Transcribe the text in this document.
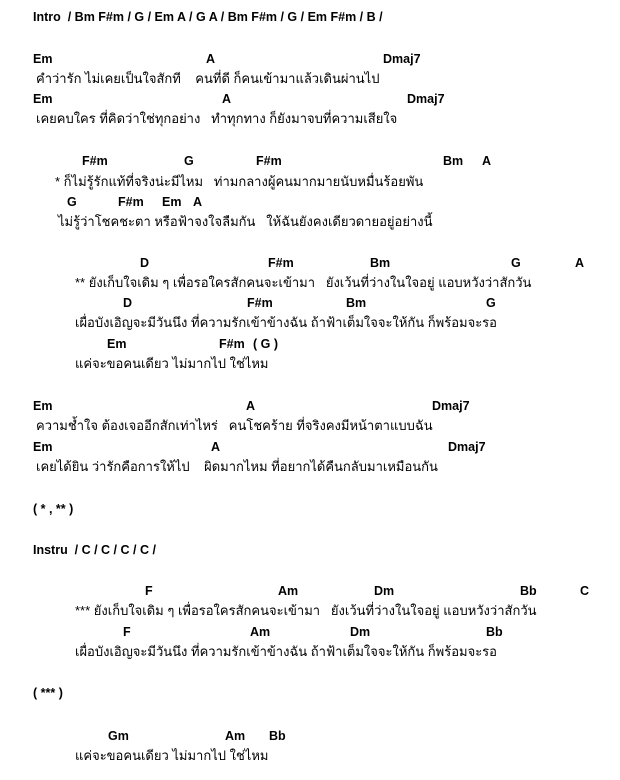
Intro  / Bm F#m / G / Em A / G A / Bm F#m / G / Em F#m / B /
Em	A	Dmaj7
คำว่ารัก ไม่เคยเป็นใจสักที    คนที่ดี ก็คนเข้ามาแล้วเดินผ่านไป
Em	A	Dmaj7
เคยคบใคร ที่คิดว่าใช่ทุกอย่าง   ทำทุกทาง ก็ยังมาจบที่ความเสียใจ
F#m	G	F#m	Bm A
* ก็ไม่รู้รักแท้ที่จริงน่ะมีไหม   ท่ามกลางผู้คนมากมายนับหมื่นร้อยพัน
G	F#m Em A
ไม่รู้ว่าโชคชะตา หรือฟ้าจงใจลืมกัน   ให้ฉันยังคงเดียวดายอยู่อย่างนี้
D	F#m	Bm	G	A
** ยังเก็บใจเดิม ๆ เพื่อรอใครสักคนจะเข้ามา   ยังเว้นที่ว่างในใจอยู่ แอบหวังว่าสักวัน
D	F#m	Bm	G
เผื่อบังเอิญจะมีวันนึง ที่ความรักเข้าข้างฉัน ถ้าฟ้าเต็มใจจะให้กัน ก็พร้อมจะรอ
Em	F#m ( G )
แค่จะขอคนเดียว ไม่มากไป ใช่ไหม
Em	A	Dmaj7
ความช้ำใจ ต้องเจออีกสักเท่าไหร่   คนโชคร้าย ที่จริงคงมีหน้าตาแบบฉัน
Em	A	Dmaj7
เคยได้ยิน ว่ารักคือการให้ไป    ผิดมากไหม ที่อยากได้คืนกลับมาเหมือนกัน
( * , ** )
Instru  / C / C / C / C /
F	Am	Dm	Bb	C
*** ยังเก็บใจเดิม ๆ เพื่อรอใครสักคนจะเข้ามา   ยังเว้นที่ว่างในใจอยู่ แอบหวังว่าสักวัน
F	Am	Dm	Bb
เผื่อบังเอิญจะมีวันนึง ที่ความรักเข้าข้างฉัน ถ้าฟ้าเต็มใจจะให้กัน ก็พร้อมจะรอ
( *** )
Gm	Am Bb
แค่จะขอคนเดียว ไม่มากไป ใช่ไหม
